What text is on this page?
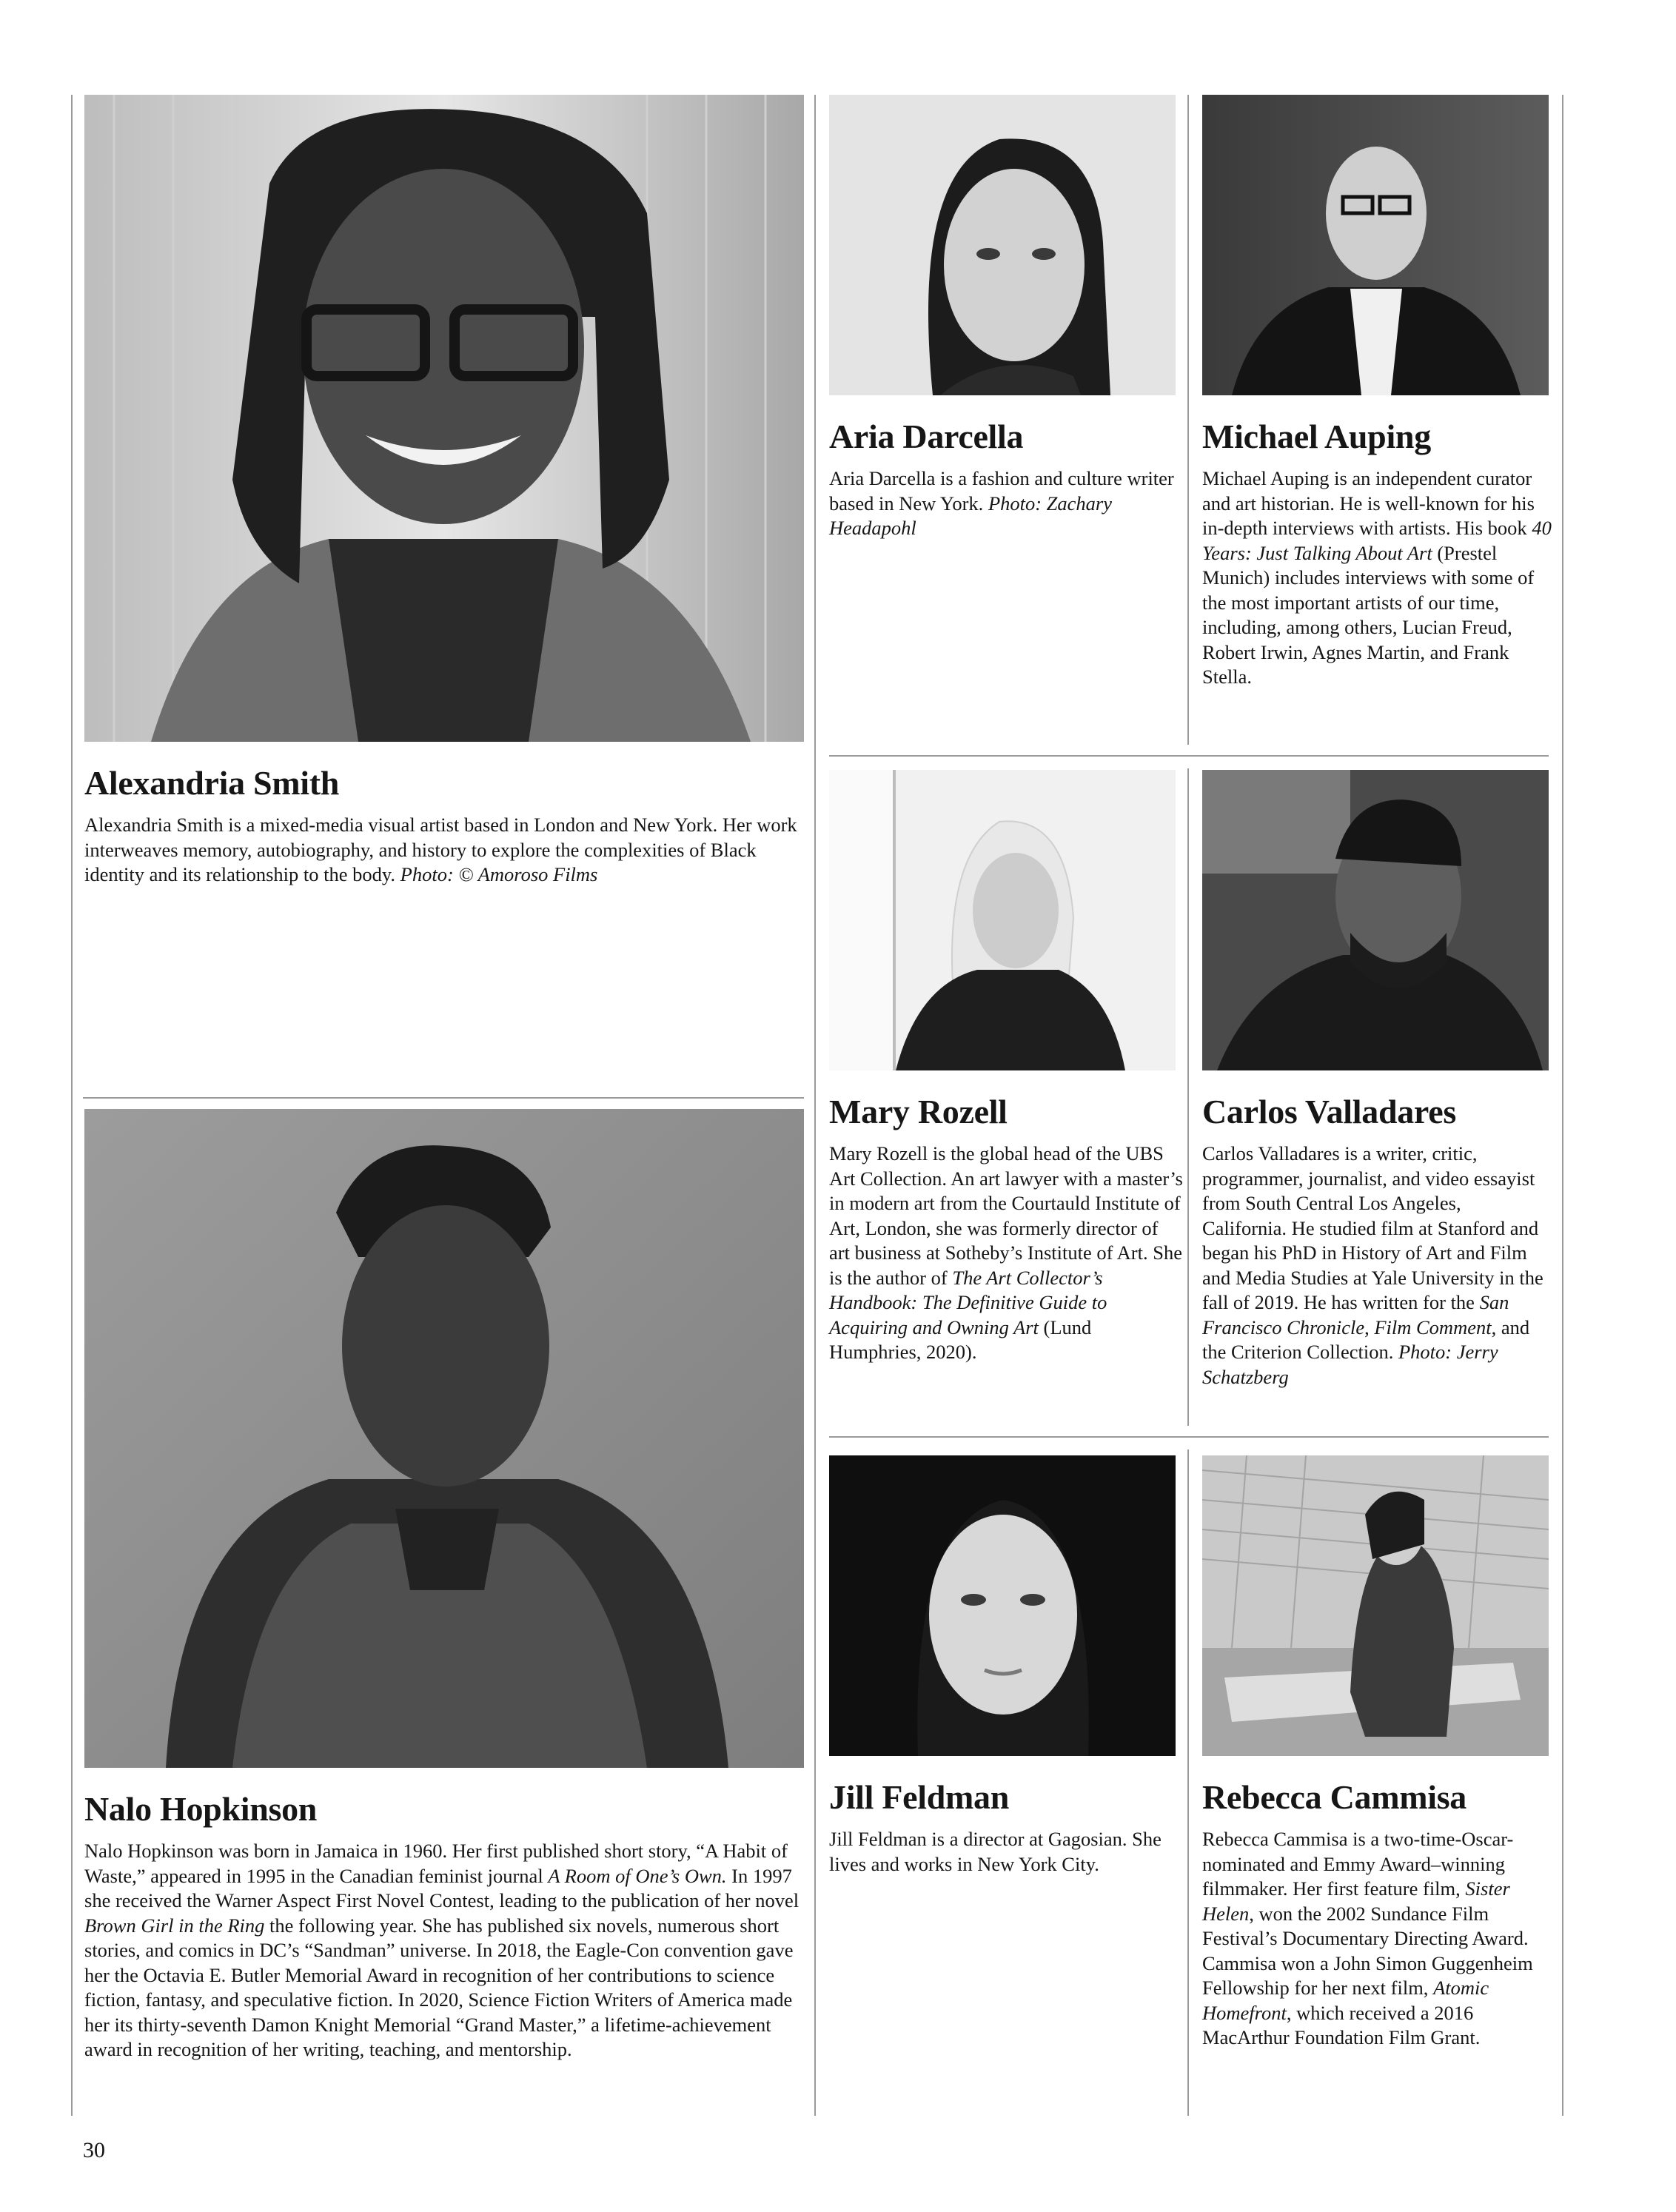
Alexandria Smith

Alexandria Smith is a mixed-media visual artist based in London and New York. Her work interweaves memory, autobiography, and history to explore the complexities of Black identity and its relationship to the body. Photo: © Amoroso Films

Aria Darcella

Aria Darcella is a fashion and culture writer based in New York. Photo: Zachary Headapohl

Michael Auping

Michael Auping is an independent curator and art historian. He is well-known for his in-depth interviews with artists. His book 40 Years: Just Talking About Art (Prestel Munich) includes interviews with some of the most important artists of our time, including, among others, Lucian Freud, Robert Irwin, Agnes Martin, and Frank Stella.

Mary Rozell

Mary Rozell is the global head of the UBS Art Collection. An art lawyer with a master’s in modern art from the Courtauld Institute of Art, London, she was formerly director of art business at Sotheby’s Institute of Art. She is the author of The Art Collector’s Handbook: The Definitive Guide to Acquiring and Owning Art (Lund Humphries, 2020).

Carlos Valladares

Carlos Valladares is a writer, critic, programmer, journalist, and video essayist from South Central Los Angeles, California. He studied film at Stanford and began his PhD in History of Art and Film and Media Studies at Yale University in the fall of 2019. He has written for the San Francisco Chronicle, Film Comment, and the Criterion Collection. Photo: Jerry Schatzberg

Nalo Hopkinson

Nalo Hopkinson was born in Jamaica in 1960. Her first published short story, “A Habit of Waste,” appeared in 1995 in the Canadian feminist journal A Room of One’s Own. In 1997 she received the Warner Aspect First Novel Contest, leading to the publication of her novel Brown Girl in the Ring the following year. She has published six novels, numerous short stories, and comics in DC’s “Sandman” universe. In 2018, the Eagle-Con convention gave her the Octavia E. Butler Memorial Award in recognition of her contributions to science fiction, fantasy, and speculative fiction. In 2020, Science Fiction Writers of America made her its thirty-seventh Damon Knight Memorial “Grand Master,” a lifetime-achievement award in recognition of her writing, teaching, and mentorship.

Jill Feldman

Jill Feldman is a director at Gagosian. She lives and works in New York City.

Rebecca Cammisa

Rebecca Cammisa is a two-time-Oscar-nominated and Emmy Award–winning filmmaker. Her first feature film, Sister Helen, won the 2002 Sundance Film Festival’s Documentary Directing Award. Cammisa won a John Simon Guggenheim Fellowship for her next film, Atomic Homefront, which received a 2016 MacArthur Foundation Film Grant.

30
